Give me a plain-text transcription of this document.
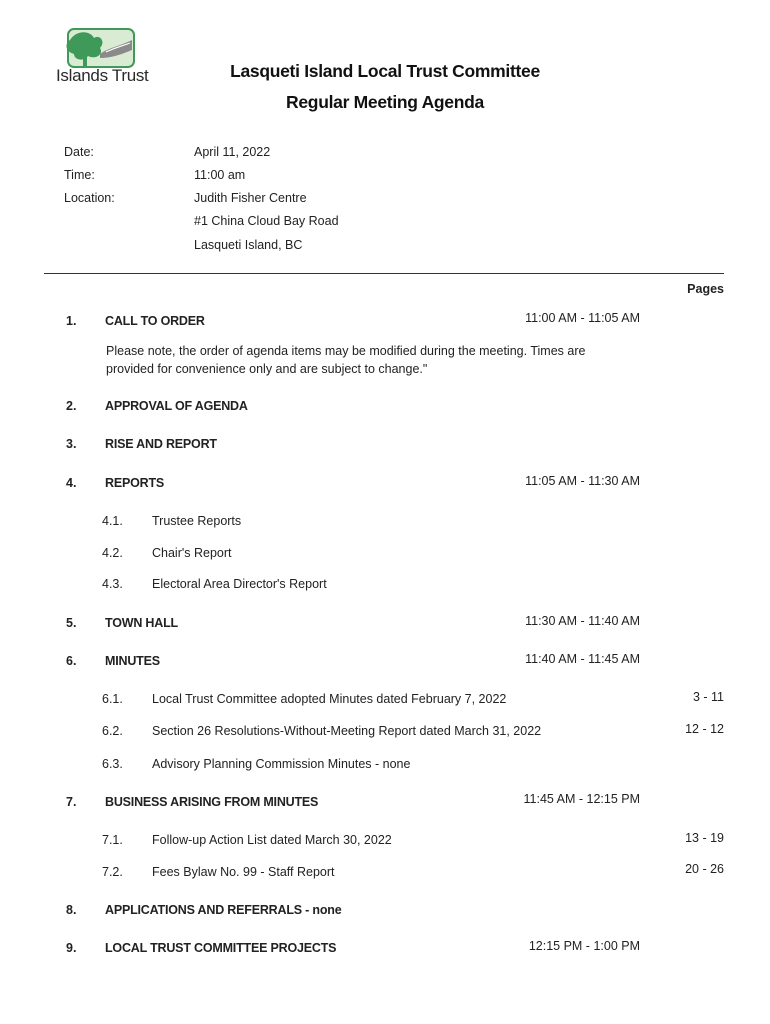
Islands Trust	Lasqueti Island Local Trust Committee
Regular Meeting Agenda
Date:	April 11, 2022
Time:	11:00 am
Location:	Judith Fisher Centre
#1 China Cloud Bay Road
Lasqueti Island, BC
Pages
1. CALL TO ORDER	11:00 AM - 11:05 AM
Please note, the order of agenda items may be modified during the meeting. Times are provided for convenience only and are subject to change."
2. APPROVAL OF AGENDA
3. RISE AND REPORT
4. REPORTS	11:05 AM - 11:30 AM
4.1. Trustee Reports
4.2. Chair's Report
4.3. Electoral Area Director's Report
5. TOWN HALL	11:30 AM - 11:40 AM
6. MINUTES	11:40 AM - 11:45 AM
6.1. Local Trust Committee adopted Minutes dated February 7, 2022	3 - 11
6.2. Section 26 Resolutions-Without-Meeting Report dated March 31, 2022	12 - 12
6.3. Advisory Planning Commission Minutes - none
7. BUSINESS ARISING FROM MINUTES	11:45 AM - 12:15 PM
7.1. Follow-up Action List dated March 30, 2022	13 - 19
7.2. Fees Bylaw No. 99 - Staff Report	20 - 26
8. APPLICATIONS AND REFERRALS - none
9. LOCAL TRUST COMMITTEE PROJECTS	12:15 PM - 1:00 PM
